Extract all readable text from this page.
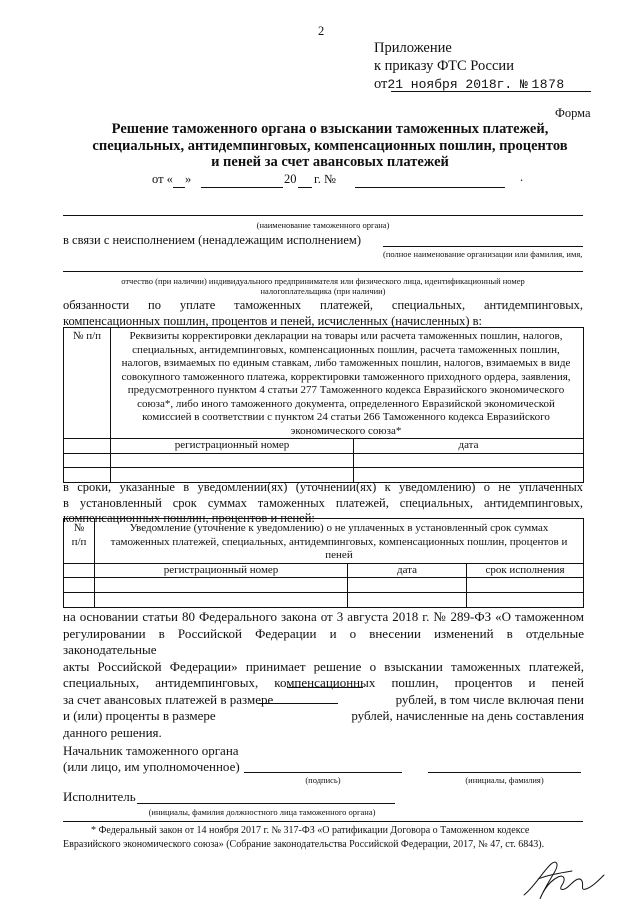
2
Приложение
к приказу ФТС России
от21 ноября 2018г. № 1878
Форма
Решение таможенного органа о взыскании таможенных платежей,
специальных, антидемпинговых, компенсационных пошлин, процентов
и пеней за счет авансовых платежей
от « »	20 г. №	.
(наименование таможенного органа)
в связи с неисполнением (ненадлежащим исполнением)
(полное наименование организации или фамилия, имя,
отчество (при наличии) индивидуального предпринимателя или физического лица, идентификационный номер
налогоплательщика (при наличии)
обязанности по уплате таможенных платежей, специальных, антидемпинговых,
компенсационных пошлин, процентов и пеней, исчисленных (начисленных) в:
№ п/п	Реквизиты корректировки декларации на товары или расчета таможенных пошлин, налогов, специальных, антидемпинговых, компенсационных пошлин, расчета таможенных пошлин, налогов, взимаемых по единым ставкам, либо таможенных пошлин, налогов, взимаемых в виде совокупного таможенного платежа, корректировки таможенного приходного ордера, заявления, предусмотренного пунктом 4 статьи 277 Таможенного кодекса Евразийского экономического союза*, либо иного таможенного документа, определенного Евразийской экономической комиссией в соответствии с пунктом 24 статьи 266 Таможенного кодекса Евразийского экономического союза*	

	регистрационный номер	дата

в сроки, указанные в уведомлении(ях) (уточнении(ях) к уведомлению) о не уплаченных
в установленный срок суммах таможенных платежей, специальных, антидемпинговых,
компенсационных пошлин, процентов и пеней:
№
п/п	Уведомление (уточнение к уведомлению) о не уплаченных в установленный срок суммах таможенных платежей, специальных, антидемпинговых, компенсационных пошлин, процентов и пеней		

	регистрационный номер	дата	срок исполнения

на основании статьи 80 Федерального закона от 3 августа 2018 г. № 289-ФЗ «О таможенном
регулировании в Российской Федерации и о внесении изменений в отдельные законодательные
акты Российской Федерации» принимает решение о взыскании таможенных платежей,
специальных, антидемпинговых, компенсационных пошлин, процентов и пеней
за счет авансовых платежей в размере	рублей, в том числе включая пени
и (или) проценты в размере	рублей, начисленные на день составления
данного решения.
Начальник таможенного органа
(или лицо, им уполномоченное)
(подпись)	(инициалы, фамилия)
Исполнитель
(инициалы, фамилия должностного лица таможенного органа)
* Федеральный закон от 14 ноября 2017 г. № 317-ФЗ «О ратификации Договора о Таможенном кодексе
Евразийского экономического союза» (Собрание законодательства Российской Федерации, 2017, № 47, ст. 6843).
